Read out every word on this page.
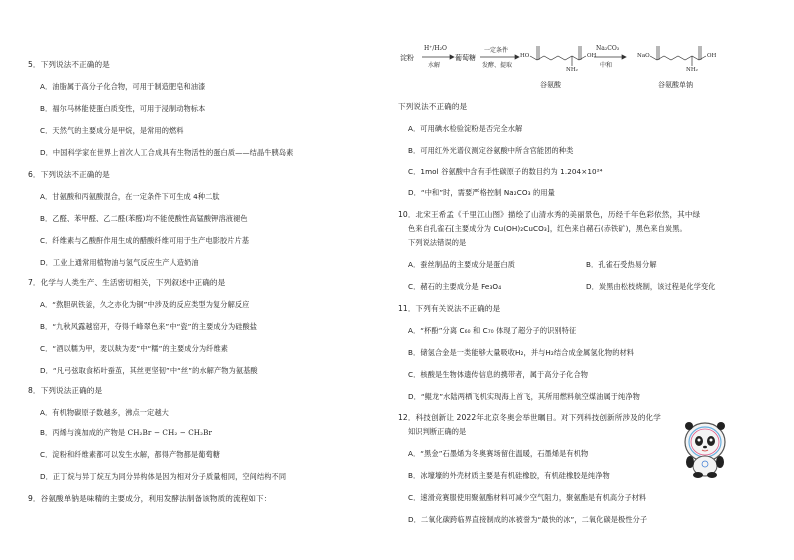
5．下列说法不正确的是
A．油脂属于高分子化合物，可用于制造肥皂和油漆
B．福尔马林能使蛋白质变性，可用于浸制动物标本
C．天然气的主要成分是甲烷，是常用的燃料
D．中国科学家在世界上首次人工合成具有生物活性的蛋白质——结晶牛胰岛素
6．下列说法不正确的是
A．甘氨酸和丙氨酸混合，在一定条件下可生成 4种二肽
B．乙醛、苯甲醛、乙二醛(苯醛)均不能使酸性高锰酸钾溶液褪色
C．纤维素与乙酸酐作用生成的醋酸纤维可用于生产电影胶片片基
D．工业上通常用植物油与氢气反应生产人造奶油
7．化学与人类生产、生活密切相关，下列叙述中正确的是
A．“熬胆矾铁釜，久之亦化为铜”中涉及的反应类型为复分解反应
B．“九秋风露越窑开，夺得千峰翠色来”中“瓷”的主要成分为硅酸盐
C．“酒以糯为甲，麦以麸为麦”中“糯”的主要成分为纤维素
D．“凡弓弦取食柘叶蚕茧，其丝更坚韧”中“丝”的水解产物为氨基酸
8．下列说法正确的是
A．有机物碳原子数越多，沸点一定越大
B．丙烯与溴加成的产物是 CH₂Br − CH₂ − CH₂Br
C．淀粉和纤维素都可以发生水解，都得产物都是葡萄糖
D．正丁烷与异丁烷互为同分异构体是因为相对分子质量相同，空间结构不同
9．谷氨酸单钠是味精的主要成分，利用发酵法制备该物质的流程如下：
淀粉
H⁺/H₂O
水解
葡萄糖
一定条件
发酵、提取
谷氨酸
Na₂CO₃
中和
谷氨酸单钠
HO	OH
NH₂
NaO	OH
NH₂
下列说法不正确的是
A．可用碘水检验淀粉是否完全水解
B．可用红外光谱仪测定谷氨酸中所含官能团的种类
C．1mol 谷氨酸中含有手性碳原子的数目约为 1.204×10²⁴
D．“中和”时，需要严格控制 Na₂CO₃ 的用量
10．北宋王希孟《千里江山图》描绘了山清水秀的美丽景色，历经千年色彩依然，其中绿
色来自孔雀石[主要成分为 Cu(OH)₂CuCO₃]，红色来自赭石(赤铁矿)，黑色来自炭黑。
下列说法错误的是
A．蚕丝制品的主要成分是蛋白质	B．孔雀石受热易分解
C．赭石的主要成分是 Fe₃O₄	D．炭黑由松枝烧制，该过程是化学变化
11．下列有关说法不正确的是
A．“杯酚”分离 C₆₀ 和 C₇₀ 体现了超分子的识别特征
B．储氢合金是一类能够大量吸收H₂，并与H₂结合成金属氢化物的材料
C．核酸是生物体遗传信息的携带者，属于高分子化合物
D．“鲲龙”水陆两栖飞机实现海上首飞，其所用燃料航空煤油属于纯净物
12．科技创新让 2022年北京冬奥会举世瞩目。对下列科技创新所涉及的化学
知识判断正确的是
A．“黑金”石墨烯为冬奥赛场留住温暖，石墨烯是有机物
B．冰壕壕的外壳材质主要是有机硅橡胶，有机硅橡胶是纯净物
C．速滑竞赛服使用聚氨酯材料可减少空气阻力，聚氨酯是有机高分子材料
D．二氧化碳跨临界直接制成的冰被誉为“最快的冰”，二氧化碳是极性分子
